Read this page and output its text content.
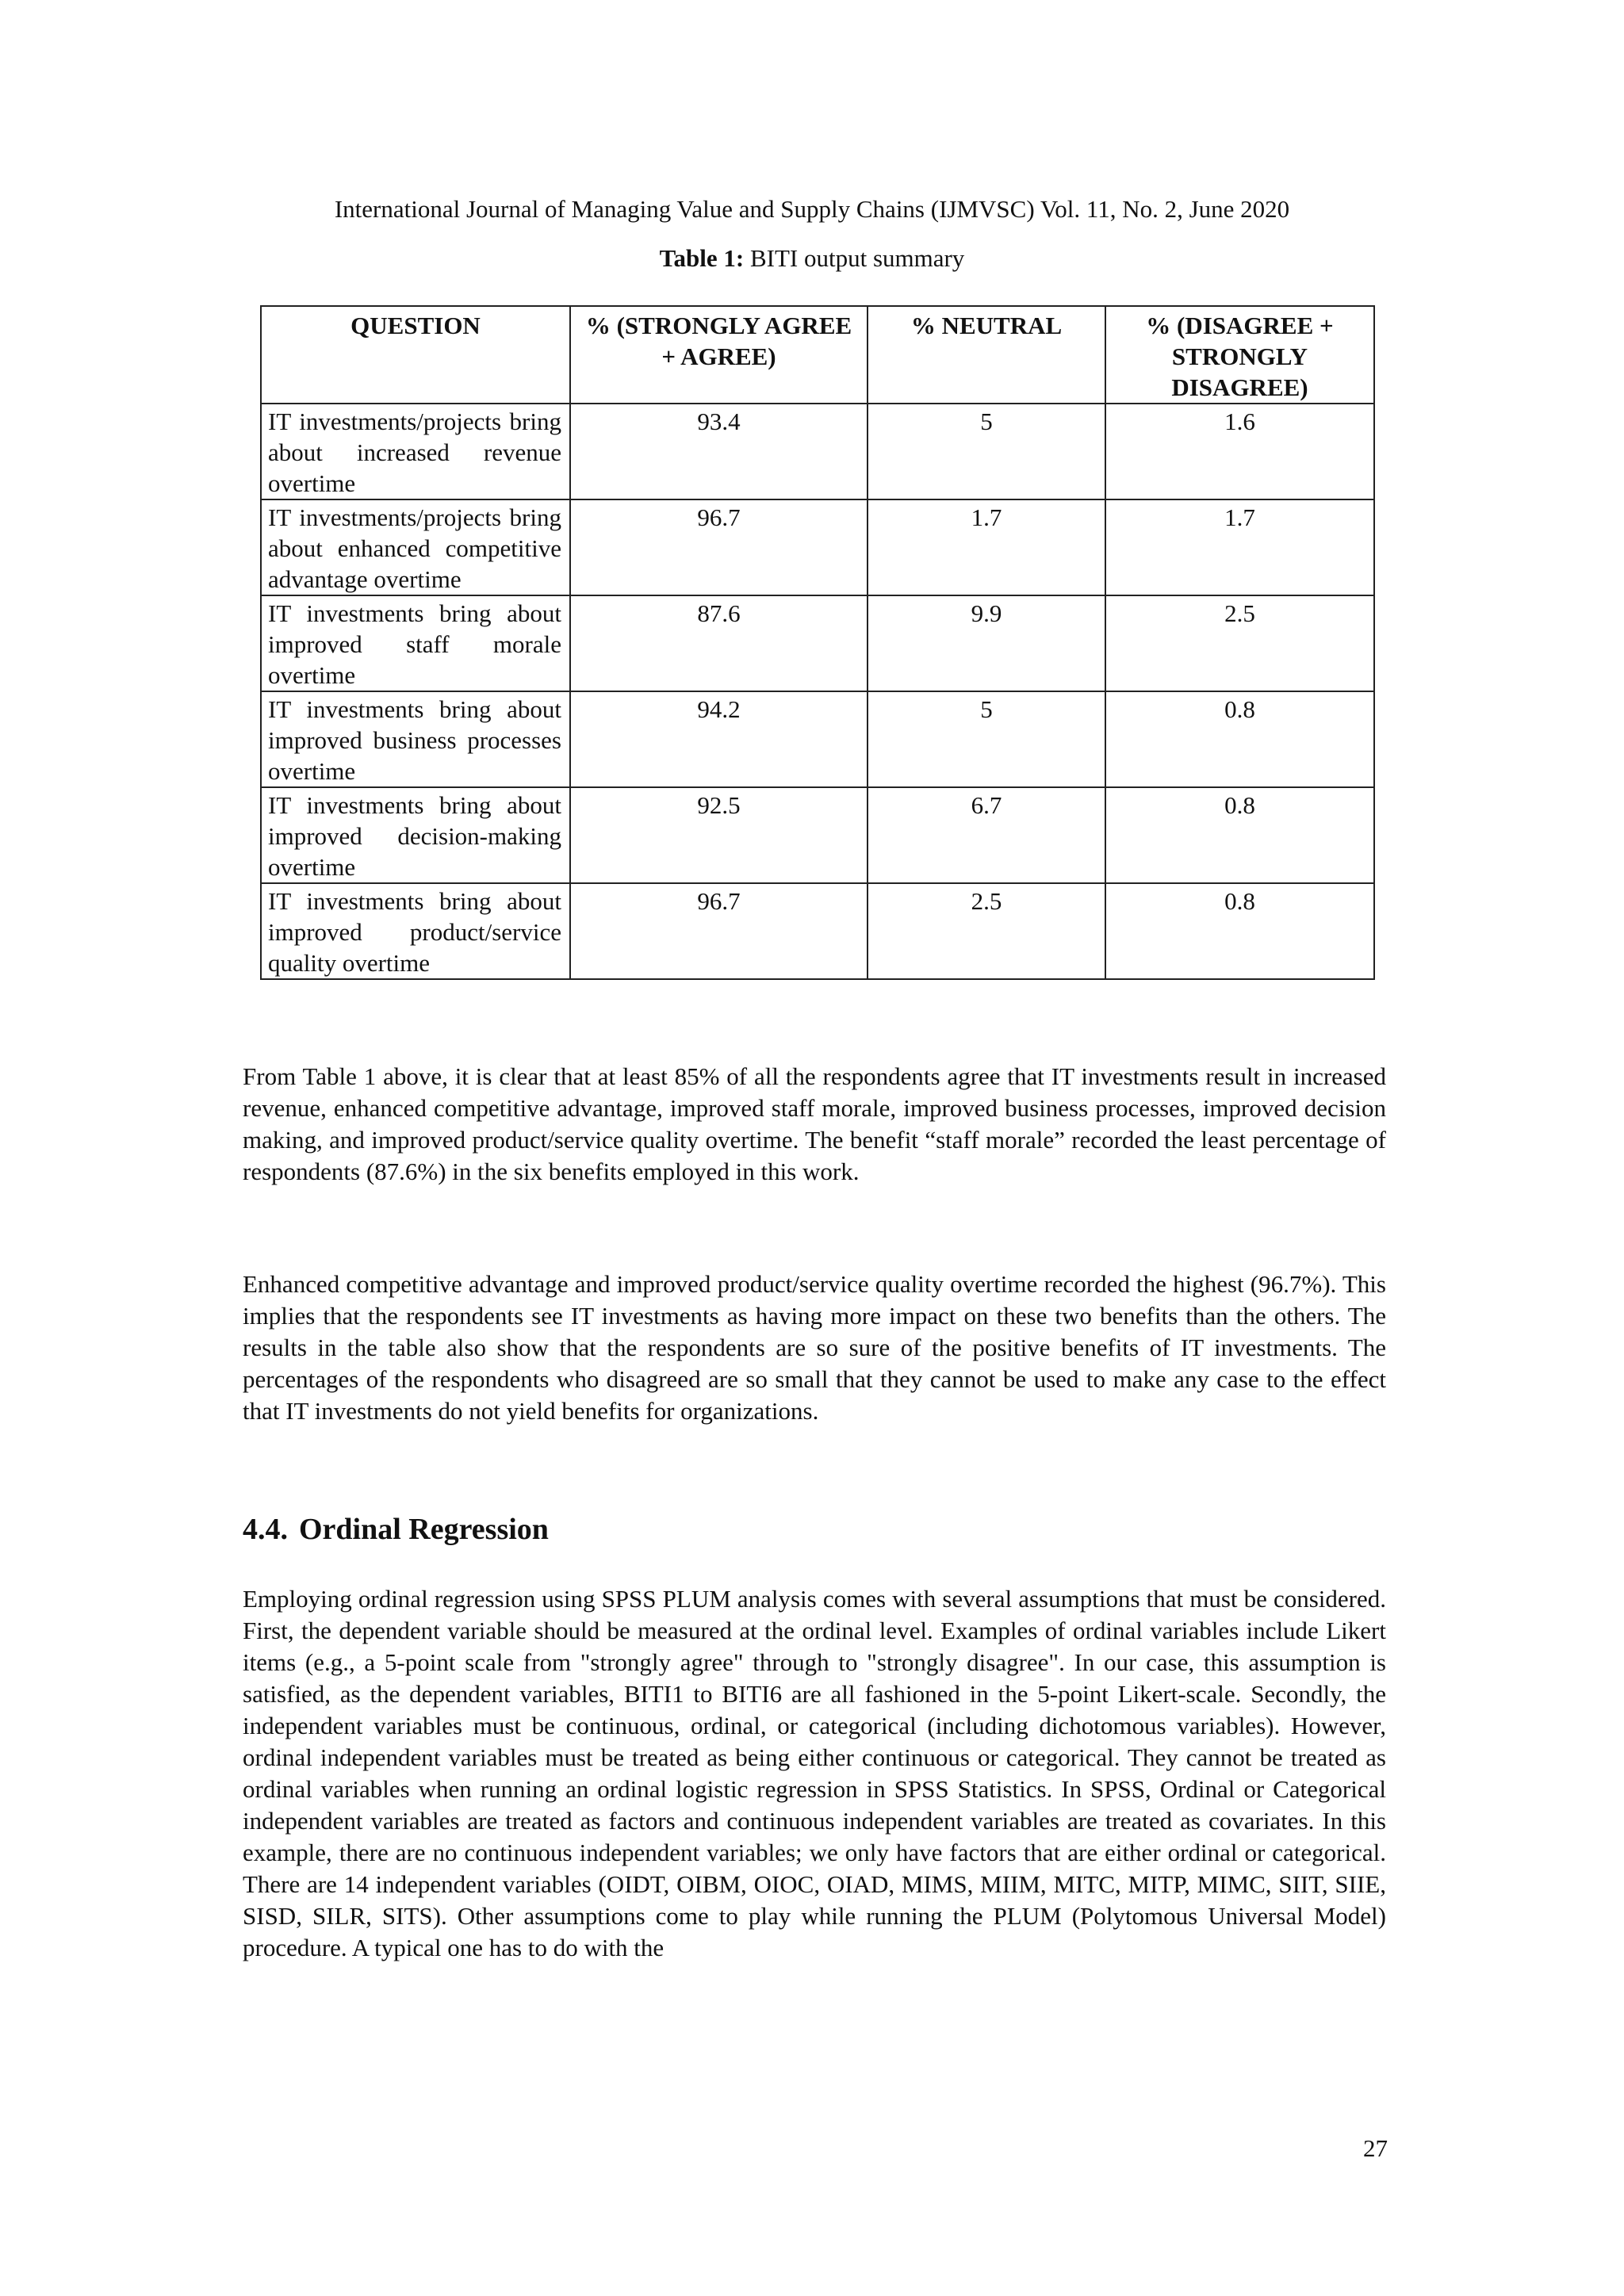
International Journal of Managing Value and Supply Chains (IJMVSC) Vol. 11, No. 2, June 2020
Table 1: BITI output summary
QUESTION	% (STRONGLY AGREE + AGREE)	% NEUTRAL	% (DISAGREE + STRONGLY DISAGREE)
IT investments/projects bring about increased revenue overtime	93.4	5	1.6
IT investments/projects bring about enhanced competitive advantage overtime	96.7	1.7	1.7
IT investments bring about improved staff morale overtime	87.6	9.9	2.5
IT investments bring about improved business processes overtime	94.2	5	0.8
IT investments bring about improved decision-making overtime	92.5	6.7	0.8
IT investments bring about improved product/service quality overtime	96.7	2.5	0.8

From Table 1 above, it is clear that at least 85% of all the respondents agree that IT investments result in increased revenue, enhanced competitive advantage, improved staff morale, improved business processes, improved decision making, and improved product/service quality overtime. The benefit “staff morale” recorded the least percentage of respondents (87.6%) in the six benefits employed in this work.

Enhanced competitive advantage and improved product/service quality overtime recorded the highest (96.7%). This implies that the respondents see IT investments as having more impact on these two benefits than the others. The results in the table also show that the respondents are so sure of the positive benefits of IT investments. The percentages of the respondents who disagreed are so small that they cannot be used to make any case to the effect that IT investments do not yield benefits for organizations.

4.4. Ordinal Regression

Employing ordinal regression using SPSS PLUM analysis comes with several assumptions that must be considered. First, the dependent variable should be measured at the ordinal level. Examples of ordinal variables include Likert items (e.g., a 5-point scale from "strongly agree" through to "strongly disagree". In our case, this assumption is satisfied, as the dependent variables, BITI1 to BITI6 are all fashioned in the 5-point Likert-scale. Secondly, the independent variables must be continuous, ordinal, or categorical (including dichotomous variables). However, ordinal independent variables must be treated as being either continuous or categorical. They cannot be treated as ordinal variables when running an ordinal logistic regression in SPSS Statistics. In SPSS, Ordinal or Categorical independent variables are treated as factors and continuous independent variables are treated as covariates. In this example, there are no continuous independent variables; we only have factors that are either ordinal or categorical. There are 14 independent variables (OIDT, OIBM, OIOC, OIAD, MIMS, MIIM, MITC, MITP, MIMC, SIIT, SIIE, SISD, SILR, SITS). Other assumptions come to play while running the PLUM (Polytomous Universal Model) procedure. A typical one has to do with the

27
